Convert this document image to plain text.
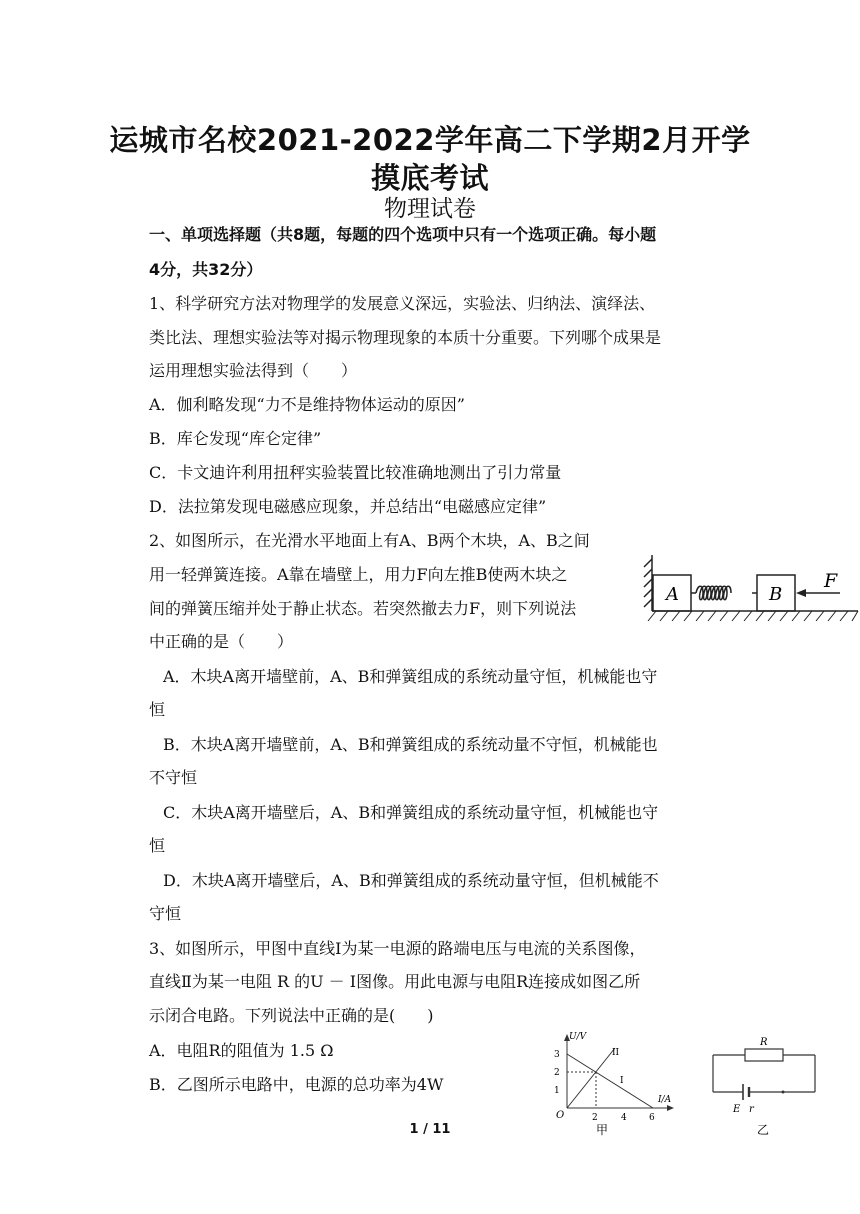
运城市名校2021-2022学年高二下学期2月开学
摸底考试
物理试卷
一、单项选择题（共8题，每题的四个选项中只有一个选项正确。每小题
4分，共32分）
1、科学研究方法对物理学的发展意义深远，实验法、归纳法、演绎法、
类比法、理想实验法等对揭示物理现象的本质十分重要。下列哪个成果是
运用理想实验法得到（　　）
A．伽利略发现“力不是维持物体运动的原因”
B．库仑发现“库仑定律”
C．卡文迪许利用扭秤实验装置比较准确地测出了引力常量
D．法拉第发现电磁感应现象，并总结出“电磁感应定律”
2、如图所示，在光滑水平地面上有A、B两个木块，A、B之间
用一轻弹簧连接。A靠在墙壁上，用力F向左推B使两木块之
间的弹簧压缩并处于静止状态。若突然撤去力F，则下列说法
中正确的是（　　）
A	B
F
A．木块A离开墙壁前，A、B和弹簧组成的系统动量守恒，机械能也守
恒
B．木块A离开墙壁前，A、B和弹簧组成的系统动量不守恒，机械能也
不守恒
C．木块A离开墙壁后，A、B和弹簧组成的系统动量守恒，机械能也守
恒
D．木块A离开墙壁后，A、B和弹簧组成的系统动量守恒，但机械能不
守恒
3、如图所示，甲图中直线Ⅰ为某一电源的路端电压与电流的关系图像，
直线Ⅱ为某一电阻 R 的U － I图像。用此电源与电阻R连接成如图乙所
示闭合电路。下列说法中正确的是(　　)
A．电阻R的阻值为 1.5 Ω
B．乙图所示电路中，电源的总功率为4W
U/V
I/A
O
3
2
1
2	4 6
I
II
甲
R
E r
乙
1 / 11
